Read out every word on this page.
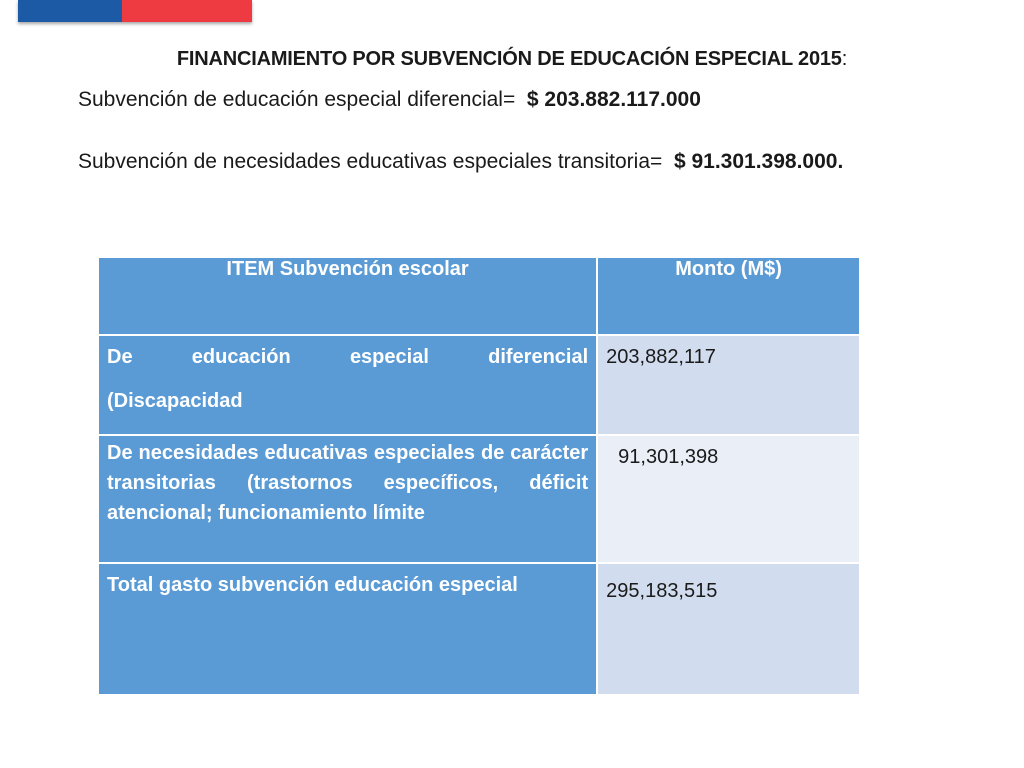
FINANCIAMIENTO POR SUBVENCIÓN DE EDUCACIÓN ESPECIAL 2015:
Subvención de educación especial diferencial=  $ 203.882.117.000
Subvención de necesidades educativas especiales transitoria=  $ 91.301.398.000.
ITEM Subvención escolar	Monto (M$)

De educación especial diferencial
(Discapacidad	203,882,117
De necesidades educativas especiales de carácter transitorias (trastornos específicos, déficit atencional; funcionamiento límite	91,301,398
Total gasto subvención educación especial	295,183,515
